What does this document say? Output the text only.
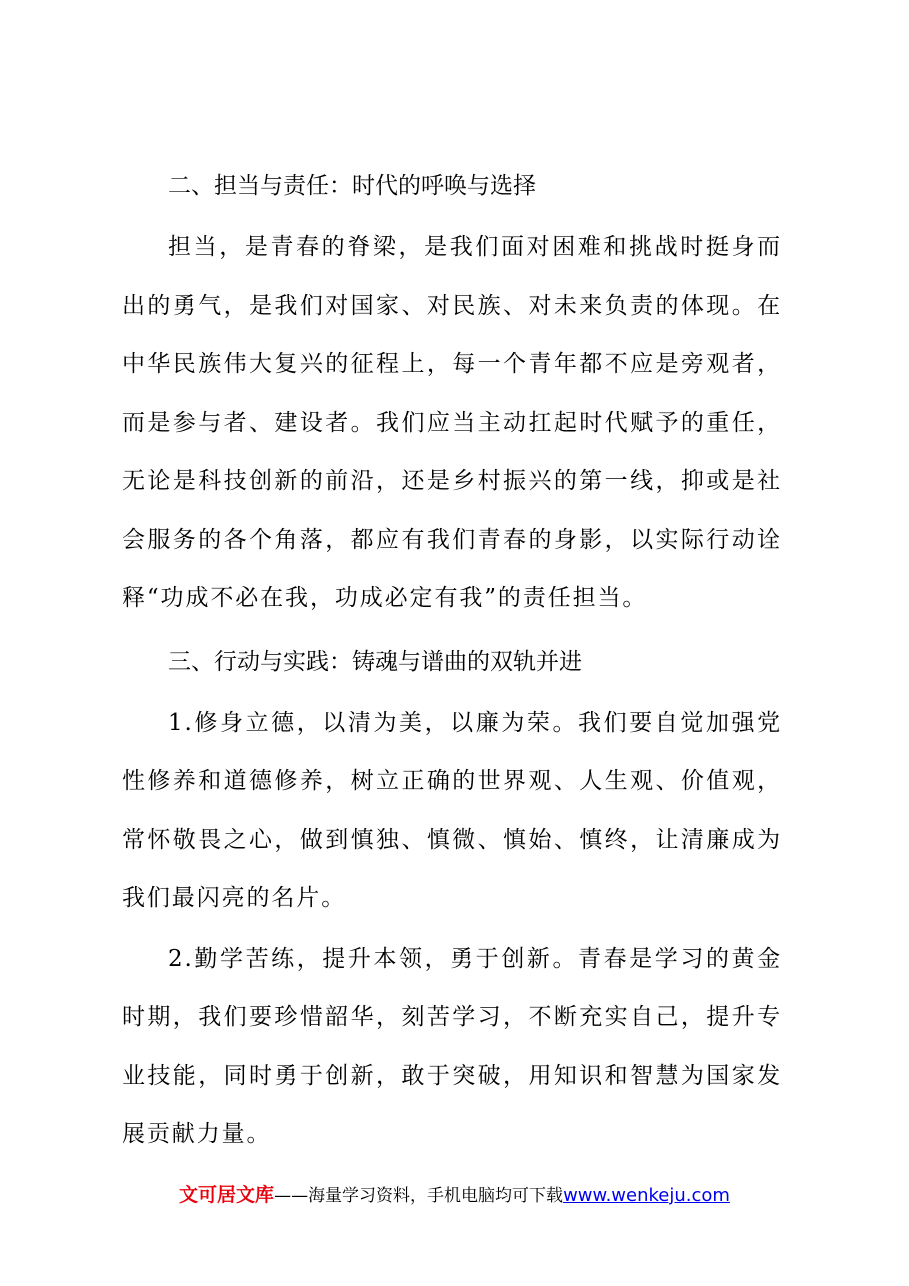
二、担当与责任：时代的呼唤与选择

担当，是青春的脊梁，是我们面对困难和挑战时挺身而出的勇气，是我们对国家、对民族、对未来负责的体现。在中华民族伟大复兴的征程上，每一个青年都不应是旁观者，而是参与者、建设者。我们应当主动扛起时代赋予的重任，无论是科技创新的前沿，还是乡村振兴的第一线，抑或是社会服务的各个角落，都应有我们青春的身影，以实际行动诠释“功成不必在我，功成必定有我”的责任担当。

三、行动与实践：铸魂与谱曲的双轨并进

1.修身立德，以清为美，以廉为荣。我们要自觉加强党性修养和道德修养，树立正确的世界观、人生观、价值观，常怀敬畏之心，做到慎独、慎微、慎始、慎终，让清廉成为我们最闪亮的名片。

2.勤学苦练，提升本领，勇于创新。青春是学习的黄金时期，我们要珍惜韶华，刻苦学习，不断充实自己，提升专业技能，同时勇于创新，敢于突破，用知识和智慧为国家发展贡献力量。

文可居文库——海量学习资料，手机电脑均可下载www.wenkeju.com
